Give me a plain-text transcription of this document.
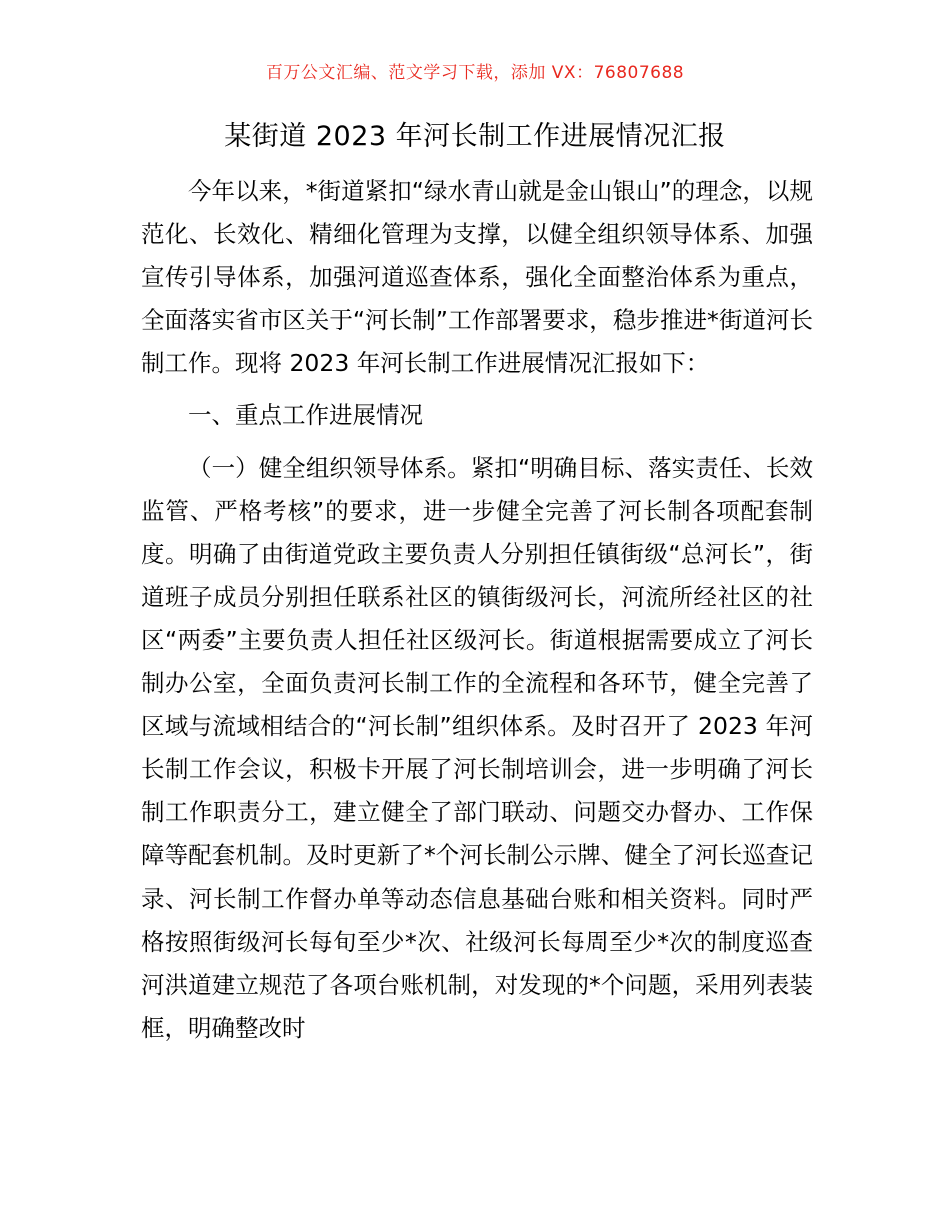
百万公文汇编、范文学习下载，添加 VX：76807688
某街道 2023 年河长制工作进展情况汇报

今年以来，*街道紧扣“绿水青山就是金山银山”的理念，以规范化、长效化、精细化管理为支撑，以健全组织领导体系、加强宣传引导体系，加强河道巡查体系，强化全面整治体系为重点，全面落实省市区关于“河长制”工作部署要求，稳步推进*街道河长制工作。现将 2023 年河长制工作进展情况汇报如下：

一、重点工作进展情况

（一）健全组织领导体系。紧扣“明确目标、落实责任、长效监管、严格考核”的要求，进一步健全完善了河长制各项配套制度。明确了由街道党政主要负责人分别担任镇街级“总河长”，街道班子成员分别担任联系社区的镇街级河长，河流所经社区的社区“两委”主要负责人担任社区级河长。街道根据需要成立了河长制办公室，全面负责河长制工作的全流程和各环节，健全完善了区域与流域相结合的“河长制”组织体系。及时召开了 2023 年河长制工作会议，积极卡开展了河长制培训会，进一步明确了河长制工作职责分工，建立健全了部门联动、问题交办督办、工作保障等配套机制。及时更新了*个河长制公示牌、健全了河长巡查记录、河长制工作督办单等动态信息基础台账和相关资料。同时严格按照街级河长每旬至少*次、社级河长每周至少*次的制度巡查河洪道建立规范了各项台账机制，对发现的*个问题，采用列表装框，明确整改时
